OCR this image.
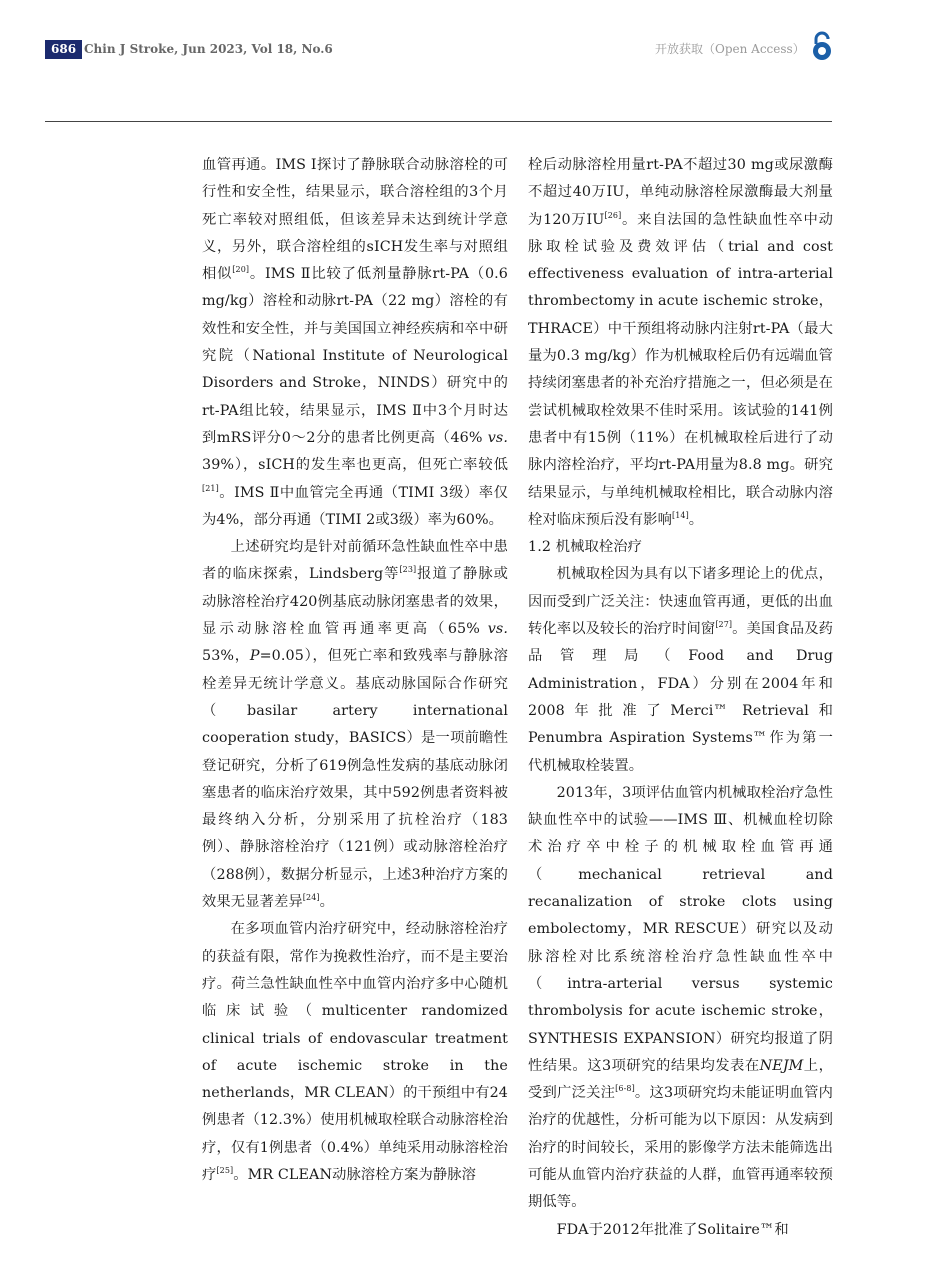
686 Chin J Stroke, Jun 2023, Vol 18, No.6	开放获取（Open Access）

血管再通。IMS I探讨了静脉联合动脉溶栓的可行性和安全性，结果显示，联合溶栓组的3个月死亡率较对照组低，但该差异未达到统计学意义，另外，联合溶栓组的sICH发生率与对照组相似[20]。IMS Ⅱ比较了低剂量静脉rt-PA（0.6 mg/kg）溶栓和动脉rt-PA（22 mg）溶栓的有效性和安全性，并与美国国立神经疾病和卒中研究院（National Institute of Neurological Disorders and Stroke，NINDS）研究中的rt-PA组比较，结果显示，IMS Ⅱ中3个月时达到mRS评分0～2分的患者比例更高（46% vs. 39%），sICH的发生率也更高，但死亡率较低[21]。IMS Ⅱ中血管完全再通（TIMI 3级）率仅为4%，部分再通（TIMI 2或3级）率为60%。

上述研究均是针对前循环急性缺血性卒中患者的临床探索，Lindsberg等[23]报道了静脉或动脉溶栓治疗420例基底动脉闭塞患者的效果，显示动脉溶栓血管再通率更高（65% vs. 53%，P=0.05），但死亡率和致残率与静脉溶栓差异无统计学意义。基底动脉国际合作研究（basilar artery international cooperation study，BASICS）是一项前瞻性登记研究，分析了619例急性发病的基底动脉闭塞患者的临床治疗效果，其中592例患者资料被最终纳入分析，分别采用了抗栓治疗（183例）、静脉溶栓治疗（121例）或动脉溶栓治疗（288例），数据分析显示，上述3种治疗方案的效果无显著差异[24]。

在多项血管内治疗研究中，经动脉溶栓治疗的获益有限，常作为挽救性治疗，而不是主要治疗。荷兰急性缺血性卒中血管内治疗多中心随机临床试验（multicenter randomized clinical trials of endovascular treatment of acute ischemic stroke in the netherlands，MR CLEAN）的干预组中有24例患者（12.3%）使用机械取栓联合动脉溶栓治疗，仅有1例患者（0.4%）单纯采用动脉溶栓治疗[25]。MR CLEAN动脉溶栓方案为静脉溶

栓后动脉溶栓用量rt-PA不超过30 mg或尿激酶不超过40万IU，单纯动脉溶栓尿激酶最大剂量为120万IU[26]。来自法国的急性缺血性卒中动脉取栓试验及费效评估（trial and cost effectiveness evaluation of intra-arterial thrombectomy in acute ischemic stroke，THRACE）中干预组将动脉内注射rt-PA（最大量为0.3 mg/kg）作为机械取栓后仍有远端血管持续闭塞患者的补充治疗措施之一，但必须是在尝试机械取栓效果不佳时采用。该试验的141例患者中有15例（11%）在机械取栓后进行了动脉内溶栓治疗，平均rt-PA用量为8.8 mg。研究结果显示，与单纯机械取栓相比，联合动脉内溶栓对临床预后没有影响[14]。

1.2 机械取栓治疗

机械取栓因为具有以下诸多理论上的优点，因而受到广泛关注：快速血管再通，更低的出血转化率以及较长的治疗时间窗[27]。美国食品及药品管理局（Food and Drug Administration，FDA）分别在2004年和2008年批准了Merci™ Retrieval和Penumbra Aspiration Systems™作为第一代机械取栓装置。

2013年，3项评估血管内机械取栓治疗急性缺血性卒中的试验——IMS Ⅲ、机械血栓切除术治疗卒中栓子的机械取栓血管再通（mechanical retrieval and recanalization of stroke clots using embolectomy，MR RESCUE）研究以及动脉溶栓对比系统溶栓治疗急性缺血性卒中（intra-arterial versus systemic thrombolysis for acute ischemic stroke，SYNTHESIS EXPANSION）研究均报道了阴性结果。这3项研究的结果均发表在NEJM上，受到广泛关注[6-8]。这3项研究均未能证明血管内治疗的优越性，分析可能为以下原因：从发病到治疗的时间较长，采用的影像学方法未能筛选出可能从血管内治疗获益的人群，血管再通率较预期低等。

FDA于2012年批准了Solitaire™和
